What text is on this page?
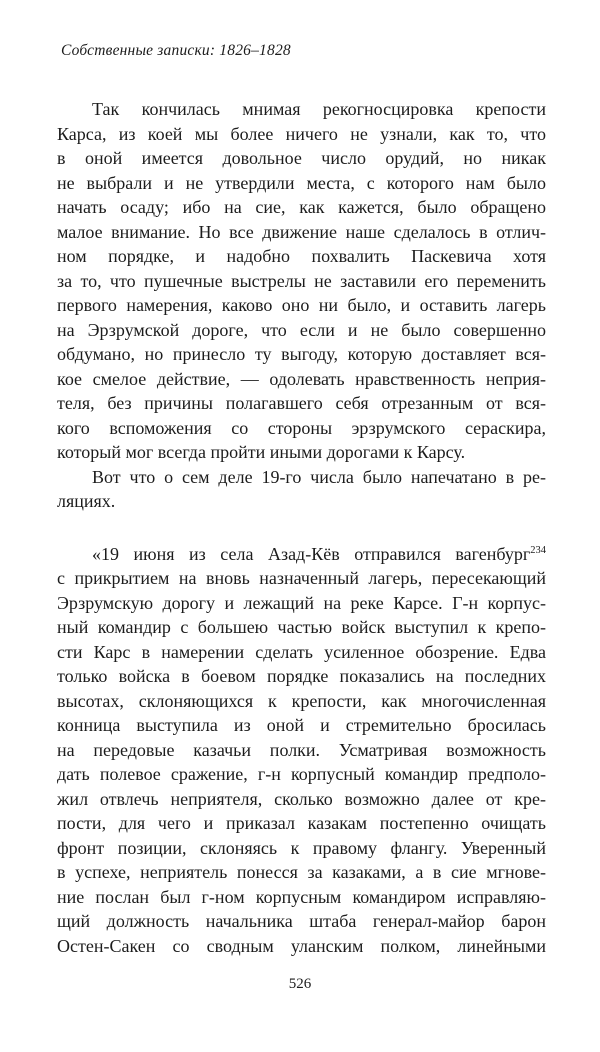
Собственные записки: 1826–1828
Так кончилась мнимая рекогносцировка крепости
Карса, из коей мы более ничего не узнали, как то, что
в оной имеется довольное число орудий, но никак
не выбрали и не утвердили места, с которого нам было
начать осаду; ибо на сие, как кажется, было обращено
малое внимание. Но все движение наше сделалось в отлич-
ном порядке, и надобно похвалить Паскевича хотя
за то, что пушечные выстрелы не заставили его переменить
первого намерения, каково оно ни было, и оставить лагерь
на Эрзрумской дороге, что если и не было совершенно
обдумано, но принесло ту выгоду, которую доставляет вся-
кое смелое действие, — одолевать нравственность неприя-
теля, без причины полагавшего себя отрезанным от вся-
кого вспоможения со стороны эрзрумского сераскира,
который мог всегда пройти иными дорогами к Карсу.
Вот что о сем деле 19-го числа было напечатано в ре-
ляциях.
«19 июня из села Азад-Кёв отправился вагенбург$^{234}$
с прикрытием на вновь назначенный лагерь, пересекающий
Эрзрумскую дорогу и лежащий на реке Карсе. Г-н корпус-
ный командир с большею частью войск выступил к крепо-
сти Карс в намерении сделать усиленное обозрение. Едва
только войска в боевом порядке показались на последних
высотах, склоняющихся к крепости, как многочисленная
конница выступила из оной и стремительно бросилась
на передовые казачьи полки. Усматривая возможность
дать полевое сражение, г-н корпусный командир предполо-
жил отвлечь неприятеля, сколько возможно далее от кре-
пости, для чего и приказал казакам постепенно очищать
фронт позиции, склоняясь к правому флангу. Уверенный
в успехе, неприятель понесся за казаками, а в сие мгнове-
ние послан был г-ном корпусным командиром исправляю-
щий должность начальника штаба генерал-майор барон
Остен-Сакен со сводным уланским полком, линейными
526
